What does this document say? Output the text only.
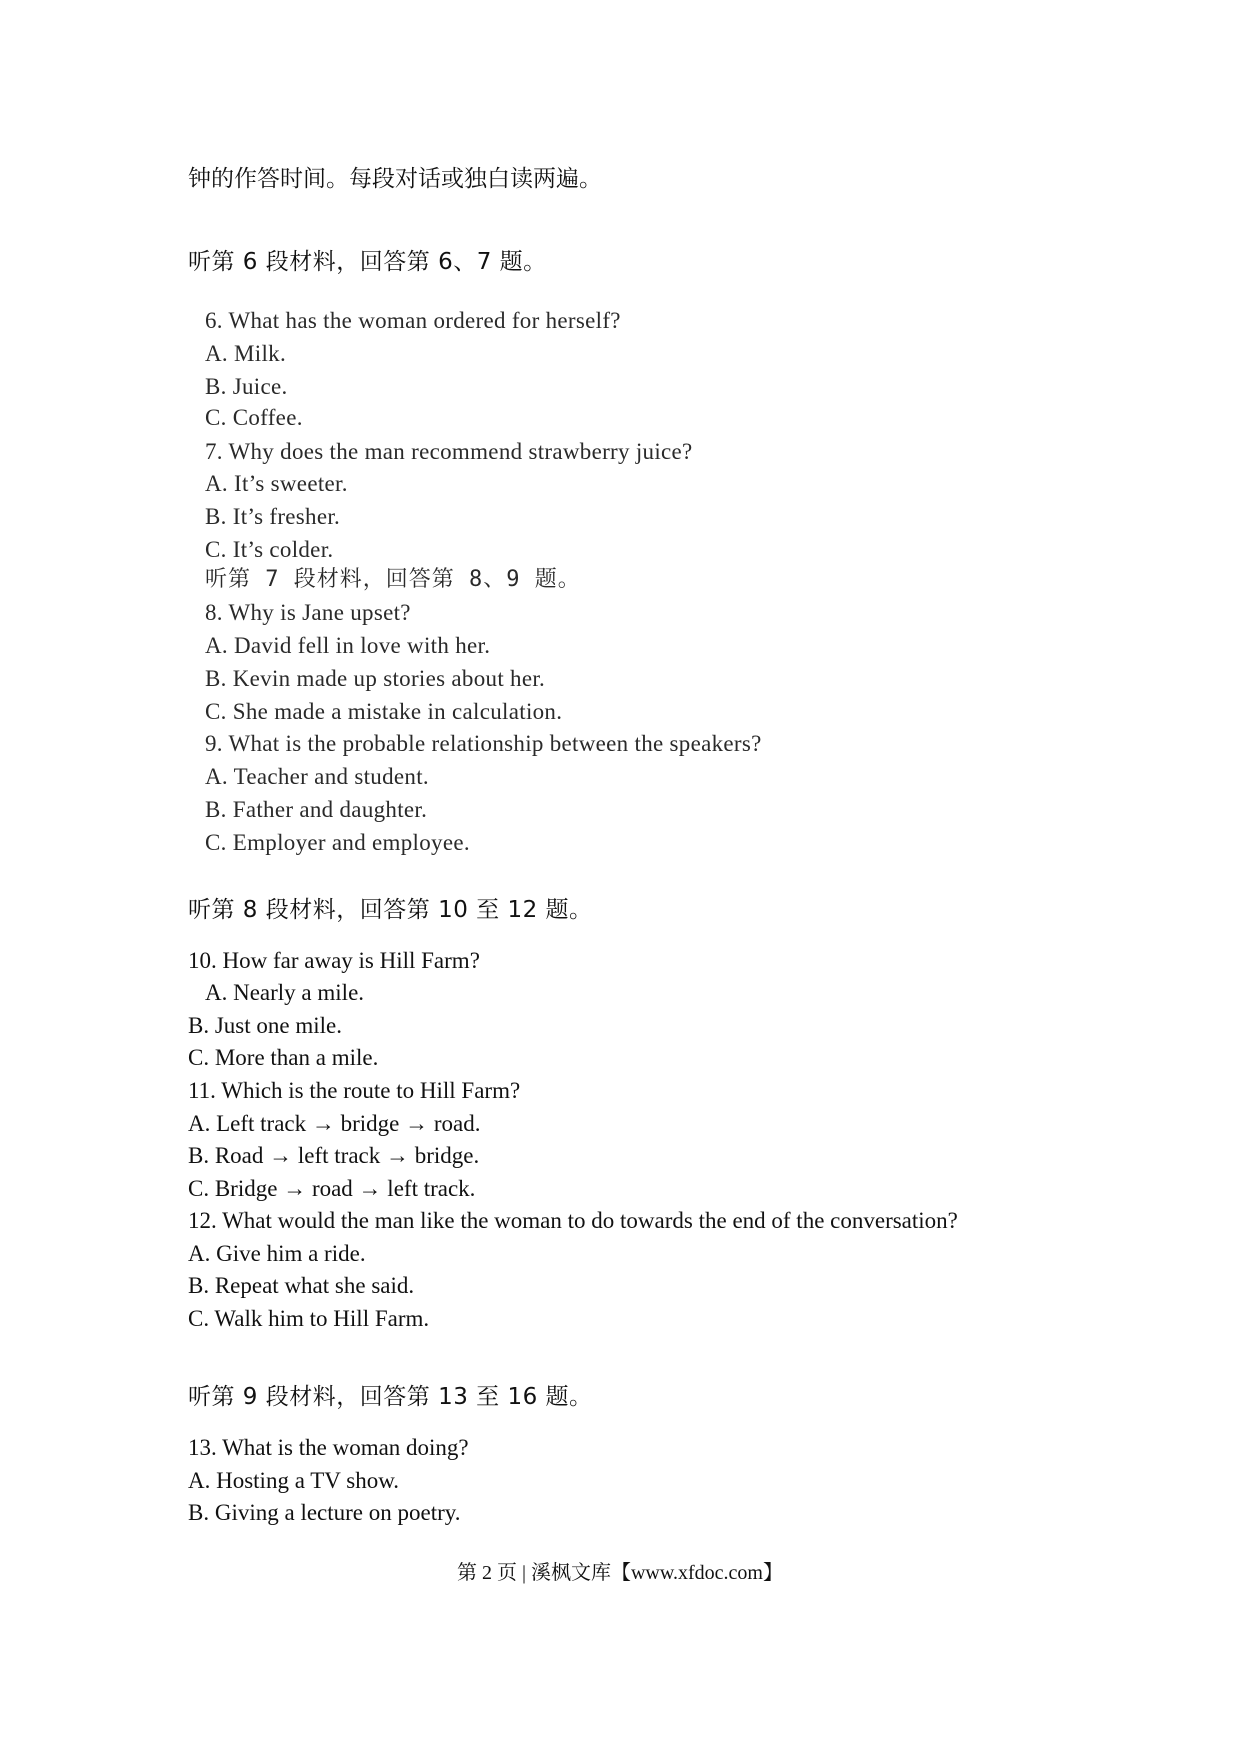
钟的作答时间。每段对话或独白读两遍。

听第 6 段材料，回答第 6、7 题。

6. What has the woman ordered for herself?

A. Milk.

B. Juice.

C. Coffee.

7. Why does the man recommend strawberry juice?

A. It’s sweeter.

B. It’s fresher.

C. It’s colder.

听第 7 段材料，回答第 8、9 题。

8. Why is Jane upset?

A. David fell in love with her.

B. Kevin made up stories about her.

C. She made a mistake in calculation.

9. What is the probable relationship between the speakers?

A. Teacher and student.

B. Father and daughter.

C. Employer and employee.

听第 8 段材料，回答第 10 至 12 题。

10. How far away is Hill Farm?

A. Nearly a mile.

B. Just one mile.

C. More than a mile.

11. Which is the route to Hill Farm?

A. Left track → bridge → road.

B. Road → left track → bridge.

C. Bridge → road → left track.

12. What would the man like the woman to do towards the end of the conversation?

A. Give him a ride.

B. Repeat what she said.

C. Walk him to Hill Farm.

听第 9 段材料，回答第 13 至 16 题。

13. What is the woman doing?

A. Hosting a TV show.

B. Giving a lecture on poetry.

第 2 页 | 溪枫文库【www.xfdoc.com】
